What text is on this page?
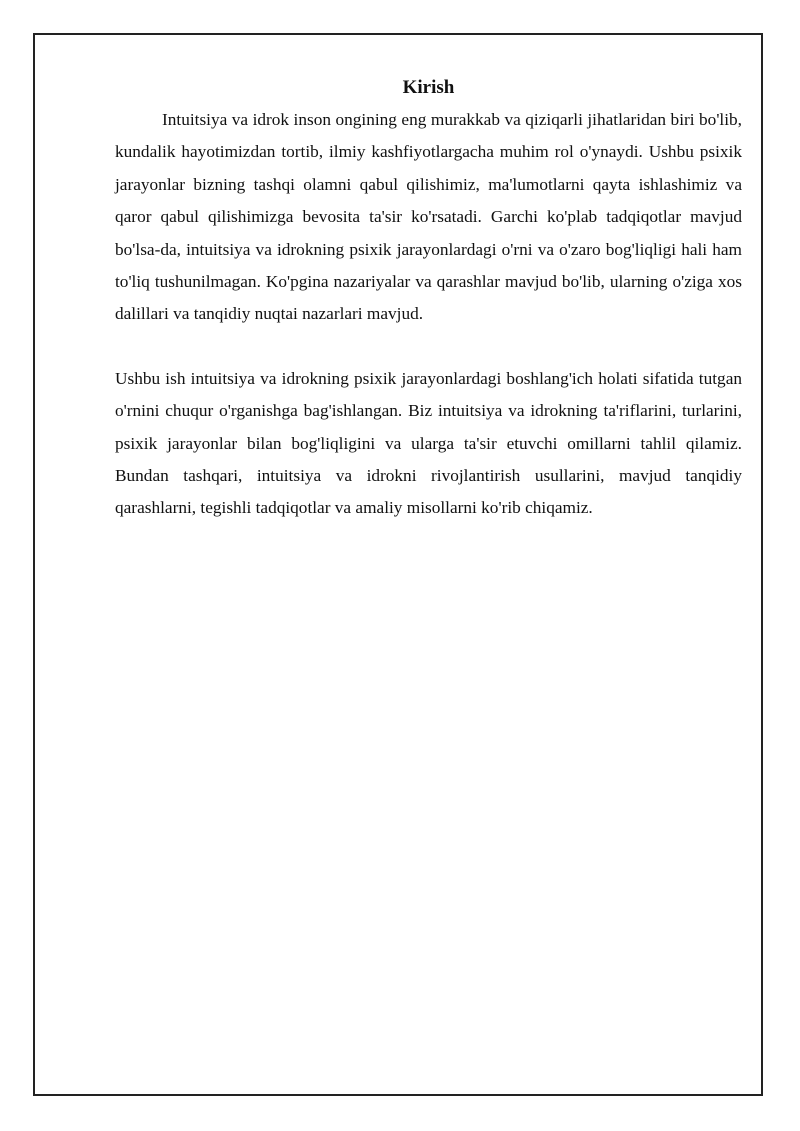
Kirish

Intuitsiya va idrok inson ongining eng murakkab va qiziqarli jihatlaridan biri bo'lib, kundalik hayotimizdan tortib, ilmiy kashfiyotlargacha muhim rol o'ynaydi. Ushbu psixik jarayonlar bizning tashqi olamni qabul qilishimiz, ma'lumotlarni qayta ishlashimiz va qaror qabul qilishimizga bevosita ta'sir ko'rsatadi. Garchi ko'plab tadqiqotlar mavjud bo'lsa-da, intuitsiya va idrokning psixik jarayonlardagi o'rni va o'zaro bog'liqligi hali ham to'liq tushunilmagan. Ko'pgina nazariyalar va qarashlar mavjud bo'lib, ularning o'ziga xos dalillari va tanqidiy nuqtai nazarlari mavjud.

Ushbu ish intuitsiya va idrokning psixik jarayonlardagi boshlang'ich holati sifatida tutgan o'rnini chuqur o'rganishga bag'ishlangan. Biz intuitsiya va idrokning ta'riflarini, turlarini, psixik jarayonlar bilan bog'liqligini va ularga ta'sir etuvchi omillarni tahlil qilamiz. Bundan tashqari, intuitsiya va idrokni rivojlantirish usullarini, mavjud tanqidiy qarashlarni, tegishli tadqiqotlar va amaliy misollarni ko'rib chiqamiz.
